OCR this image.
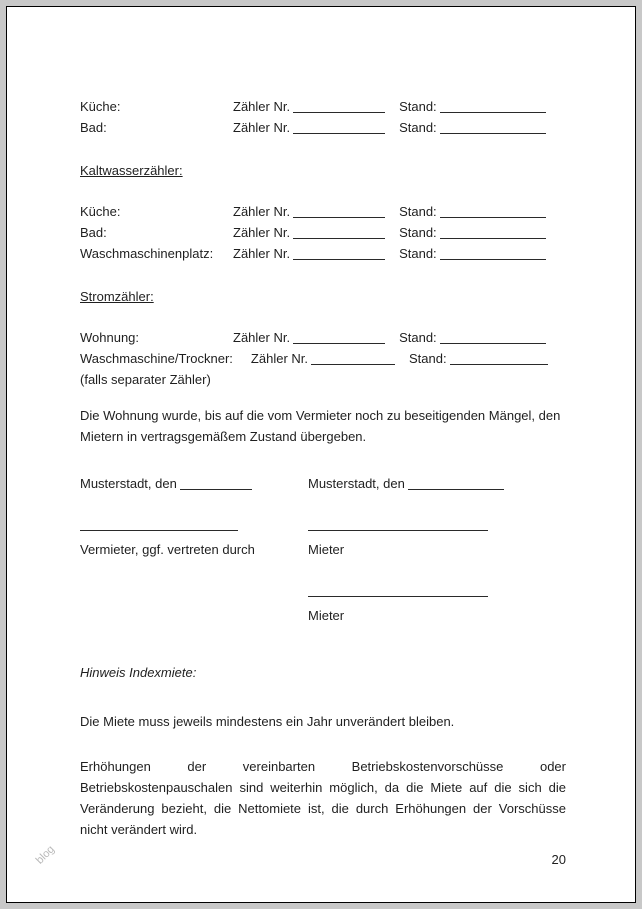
Küche:	Zähler Nr.	Stand:
Bad:	Zähler Nr.	Stand:
Kaltwasserzähler:
Küche:	Zähler Nr.	Stand:
Bad:	Zähler Nr.	Stand:
Waschmaschinenplatz: Zähler Nr.	Stand:
Stromzähler:
Wohnung:	Zähler Nr.	Stand:
Waschmaschine/Trockner: Zähler Nr.	Stand:
(falls separater Zähler)

Die Wohnung wurde, bis auf die vom Vermieter noch zu beseitigenden Mängel, den Mietern in vertragsgemäßem Zustand übergeben.

Musterstadt, den	Musterstadt, den
Vermieter, ggf. vertreten durch	Mieter
Mieter
Hinweis Indexmiete:

Die Miete muss jeweils mindestens ein Jahr unverändert bleiben.

Erhöhungen der vereinbarten Betriebskostenvorschüsse oder Betriebskostenpauschalen sind weiterhin möglich, da die Miete auf die sich die Veränderung bezieht, die Nettomiete ist, die durch Erhöhungen der Vorschüsse nicht verändert wird.

20
blog
